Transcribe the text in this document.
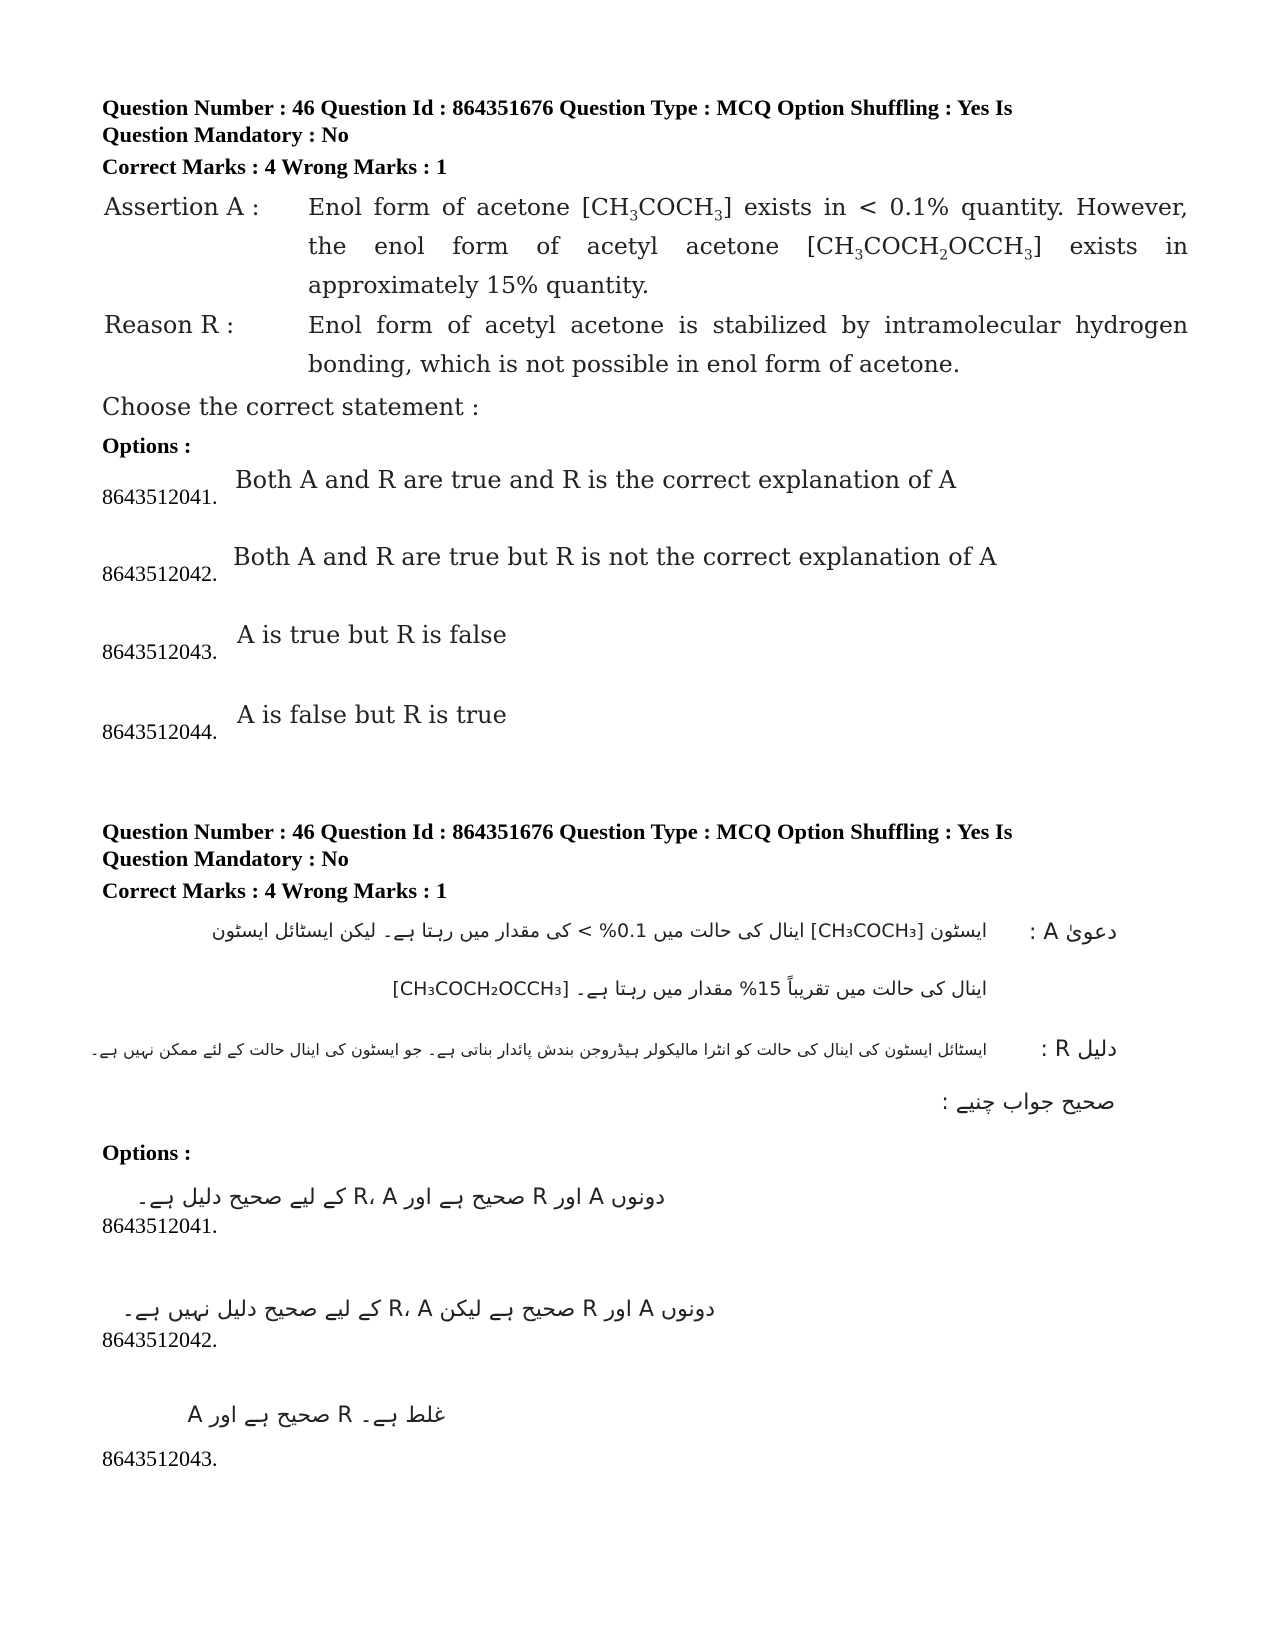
Question Number : 46 Question Id : 864351676 Question Type : MCQ Option Shuffling : Yes Is
Question Mandatory : No
Correct Marks : 4 Wrong Marks : 1
Assertion A : Enol form of acetone $[CH_3COCH_3]$ exists in < 0.1% quantity. However, the enol form of acetyl acetone $[CH_3COCH_2OCCH_3]$ exists in approximately 15% quantity.
Reason R :	Enol form of acetyl acetone is stabilized by intramolecular hydrogen bonding, which is not possible in enol form of acetone.
Choose the correct statement :
Options :
8643512041.
Both A and R are true and R is the correct explanation of A
8643512042.
Both A and R are true but R is not the correct explanation of A
8643512043.
A is true but R is false
8643512044.
A is false but R is true
Question Number : 46 Question Id : 864351676 Question Type : MCQ Option Shuffling : Yes Is
Question Mandatory : No
Correct Marks : 4 Wrong Marks : 1
دعویٰ A :
ایسٹون [CH₃COCH₃] اینال کی حالت میں 0.1% > کی مقدار میں رہتا ہے۔ لیکن ایسٹائل ایسٹون
[CH₃COCH₂OCCH₃] اینال کی حالت میں تقریباً 15% مقدار میں رہتا ہے۔
دلیل R :
ایسٹائل ایسٹون کی اینال کی حالت کو انٹرا مالیکولر ہیڈروجن بندش پائدار بناتی ہے۔ جو ایسٹون کی اینال حالت کے لئے ممکن نہیں ہے۔
صحیح جواب چنیے :
Options :
8643512041.
دونوں A اور R صحیح ہے اور R، A کے لیے صحیح دلیل ہے۔
8643512042.
دونوں A اور R صحیح ہے لیکن R، A کے لیے صحیح دلیل نہیں ہے۔
8643512043.
A صحیح ہے اور R غلط ہے۔
